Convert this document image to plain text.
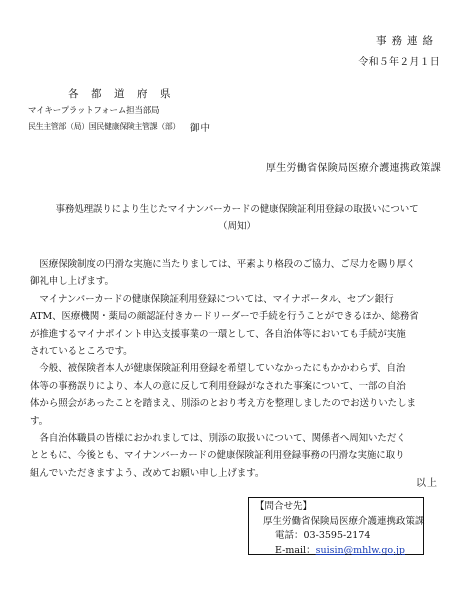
事務連絡
令和５年２月１日
各都道府県
マイキープラットフォーム担当部局
民生主管部（局）国民健康保険主管課（部） 御中
厚生労働省保険局医療介護連携政策課
事務処理誤りにより生じたマイナンバーカードの健康保険証利用登録の取扱いについて
（周知）
　医療保険制度の円滑な実施に当たりましては、平素より格段のご協力、ご尽力を賜り厚く
御礼申し上げます。
　マイナンバーカードの健康保険証利用登録については、マイナポータル、セブン銀行
ATM、医療機関・薬局の顔認証付きカードリーダーで手続を行うことができるほか、総務省
が推進するマイナポイント申込支援事業の一環として、各自治体等においても手続が実施
されているところです。
　今般、被保険者本人が健康保険証利用登録を希望していなかったにもかかわらず、自治
体等の事務誤りにより、本人の意に反して利用登録がなされた事案について、一部の自治
体から照会があったことを踏まえ、別添のとおり考え方を整理しましたのでお送りいたしま
す。
　各自治体職員の皆様におかれましては、別添の取扱いについて、関係者へ周知いただく
とともに、今後とも、マイナンバーカードの健康保険証利用登録事務の円滑な実施に取り
組んでいただきますよう、改めてお願い申し上げます。
以上
【問合せ先】
厚生労働省保険局医療介護連携政策課
電話：03-3595-2174
E-mail：suisin@mhlw.go.jp
